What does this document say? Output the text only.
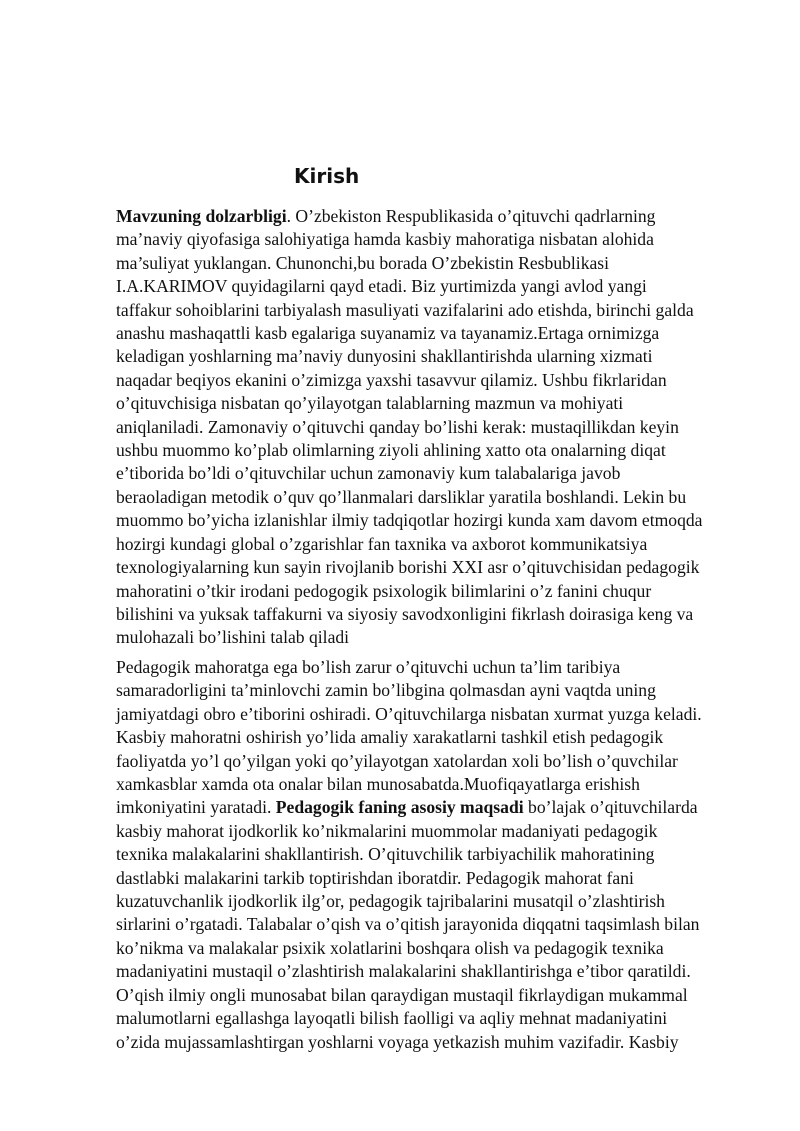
Kirish
Mavzuning dolzarbligi. O’zbekiston Respublikasida o’qituvchi qadrlarning
ma’naviy qiyofasiga salohiyatiga hamda kasbiy mahoratiga nisbatan alohida
ma’suliyat yuklangan. Chunonchi,bu borada O’zbekistin Resbublikasi
I.A.KARIMOV quyidagilarni qayd etadi. Biz yurtimizda yangi avlod yangi
taffakur sohoiblarini tarbiyalash masuliyati vazifalarini ado etishda, birinchi galda
anashu mashaqattli kasb egalariga suyanamiz va tayanamiz.Ertaga ornimizga
keladigan yoshlarning ma’naviy dunyosini shakllantirishda ularning xizmati
naqadar beqiyos ekanini o’zimizga yaxshi tasavvur qilamiz. Ushbu fikrlaridan
o’qituvchisiga nisbatan qo’yilayotgan talablarning mazmun va mohiyati
aniqlaniladi. Zamonaviy o’qituvchi qanday bo’lishi kerak: mustaqillikdan keyin
ushbu muommo ko’plab olimlarning ziyoli ahlining xatto ota onalarning diqat
e’tiborida bo’ldi o’qituvchilar uchun zamonaviy kum talabalariga javob
beraoladigan metodik o’quv qo’llanmalari darsliklar yaratila boshlandi. Lekin bu
muommo bo’yicha izlanishlar ilmiy tadqiqotlar hozirgi kunda xam davom etmoqda
hozirgi kundagi global o’zgarishlar fan taxnika va axborot kommunikatsiya
texnologiyalarning kun sayin rivojlanib borishi XXI asr o’qituvchisidan pedagogik
mahoratini o’tkir irodani pedogogik psixologik bilimlarini o’z fanini chuqur
bilishini va yuksak taffakurni va siyosiy savodxonligini fikrlash doirasiga keng va
mulohazali bo’lishini talab qiladi
Pedagogik mahoratga ega bo’lish zarur o’qituvchi uchun ta’lim taribiya
samaradorligini ta’minlovchi zamin bo’libgina qolmasdan ayni vaqtda uning
jamiyatdagi obro e’tiborini oshiradi. O’qituvchilarga nisbatan xurmat yuzga keladi.
Kasbiy mahoratni oshirish yo’lida amaliy xarakatlarni tashkil etish pedagogik
faoliyatda yo’l qo’yilgan yoki qo’yilayotgan xatolardan xoli bo’lish o’quvchilar
xamkasblar xamda ota onalar bilan munosabatda.Muofiqayatlarga erishish
imkoniyatini yaratadi. Pedagogik faning asosiy maqsadi bo’lajak o’qituvchilarda
kasbiy mahorat ijodkorlik ko’nikmalarini muommolar madaniyati pedagogik
texnika malakalarini shakllantirish. O’qituvchilik tarbiyachilik mahoratining
dastlabki malakarini tarkib toptirishdan iboratdir. Pedagogik mahorat fani
kuzatuvchanlik ijodkorlik ilg’or, pedagogik tajribalarini musatqil o’zlashtirish
sirlarini o’rgatadi. Talabalar o’qish va o’qitish jarayonida diqqatni taqsimlash bilan
ko’nikma va malakalar psixik xolatlarini boshqara olish va pedagogik texnika
madaniyatini mustaqil o’zlashtirish malakalarini shakllantirishga e’tibor qaratildi.
O’qish ilmiy ongli munosabat bilan qaraydigan mustaqil fikrlaydigan mukammal
malumotlarni egallashga layoqatli bilish faolligi va aqliy mehnat madaniyatini
o’zida mujassamlashtirgan yoshlarni voyaga yetkazish muhim vazifadir. Kasbiy
